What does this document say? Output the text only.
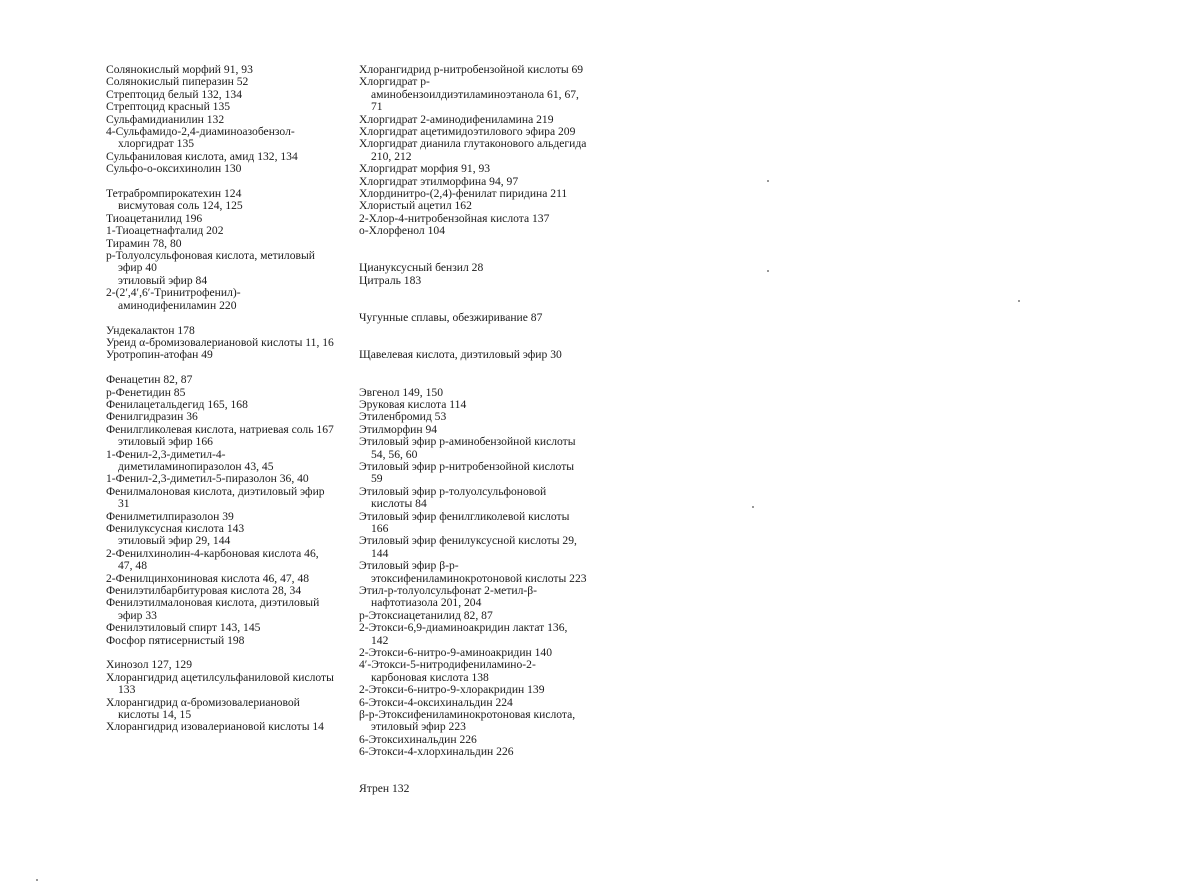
Солянокислый морфий 91, 93
Солянокислый пиперазин 52
Стрептоцид белый 132, 134
Стрептоцид красный 135
Сульфамидианилин 132
4-Сульфамидо-2,4-диаминоазобензол-хлоргидрат 135
Сульфаниловая кислота, амид 132, 134
Сульфо-о-оксихинолин 130
Тетрабромпирокатехин 124
висмутовая соль 124, 125
Тиоацетанилид 196
1-Тиоацетнафталид 202
Тирамин 78, 80
p-Толуолсульфоновая кислота, метиловый эфир 40
этиловый эфир 84
2-(2′,4′,6′-Тринитрофенил)-аминодифениламин 220
Ундекалактон 178
Уреид α-бромизовалериановой кислоты 11, 16
Уротропин-атофан 49
Фенацетин 82, 87
p-Фенетидин 85
Фенилацетальдегид 165, 168
Фенилгидразин 36
Фенилгликолевая кислота, натриевая соль 167
этиловый эфир 166
1-Фенил-2,3-диметил-4-диметиламинопиразолон 43, 45
1-Фенил-2,3-диметил-5-пиразолон 36, 40
Фенилмалоновая кислота, диэтиловый эфир 31
Фенилметилпиразолон 39
Фенилуксусная кислота 143
этиловый эфир 29, 144
2-Фенилхинолин-4-карбоновая кислота 46, 47, 48
2-Фенилцинхониновая кислота 46, 47, 48
Фенилэтилбарбитуровая кислота 28, 34
Фенилэтилмалоновая кислота, диэтиловый эфир 33
Фенилэтиловый спирт 143, 145
Фосфор пятисернистый 198
Хинозол 127, 129
Хлорангидрид ацетилсульфаниловой кислоты 133
Хлорангидрид α-бромизовалериановой кислоты 14, 15
Хлорангидрид изовалериановой кислоты 14
Хлорангидрид p-нитробензойной кислоты 69
Хлоргидрат p-аминобензоилдиэтиламиноэтанола 61, 67, 71
Хлоргидрат 2-аминодифениламина 219
Хлоргидрат ацетимидоэтилового эфира 209
Хлоргидрат дианила глутаконового альдегида 210, 212
Хлоргидрат морфия 91, 93
Хлоргидрат этилморфина 94, 97
Хлординитро-(2,4)-фенилат пиридина 211
Хлористый ацетил 162
2-Хлор-4-нитробензойная кислота 137
о-Хлорфенол 104
Циануксусный бензил 28
Цитраль 183
Чугунные сплавы, обезжиривание 87
Щавелевая кислота, диэтиловый эфир 30
Эвгенол 149, 150
Эруковая кислота 114
Этиленбромид 53
Этилморфин 94
Этиловый эфир p-аминобензойной кислоты 54, 56, 60
Этиловый эфир p-нитробензойной кислоты 59
Этиловый эфир p-толуолсульфоновой кислоты 84
Этиловый эфир фенилгликолевой кислоты 166
Этиловый эфир фенилуксусной кислоты 29, 144
Этиловый эфир β-p-этоксифениламинокротоновой кислоты 223
Этил-p-толуолсульфонат 2-метил-β-нафтотиазола 201, 204
p-Этоксиацетанилид 82, 87
2-Этокси-6,9-диаминоакридин лактат 136, 142
2-Этокси-6-нитро-9-аминоакридин 140
4′-Этокси-5-нитродифениламино-2-карбоновая кислота 138
2-Этокси-6-нитро-9-хлоракридин 139
6-Этокси-4-оксихинальдин 224
β-p-Этоксифениламинокротоновая кислота, этиловый эфир 223
6-Этоксихинальдин 226
6-Этокси-4-хлорхинальдин 226
Ятрен 132
